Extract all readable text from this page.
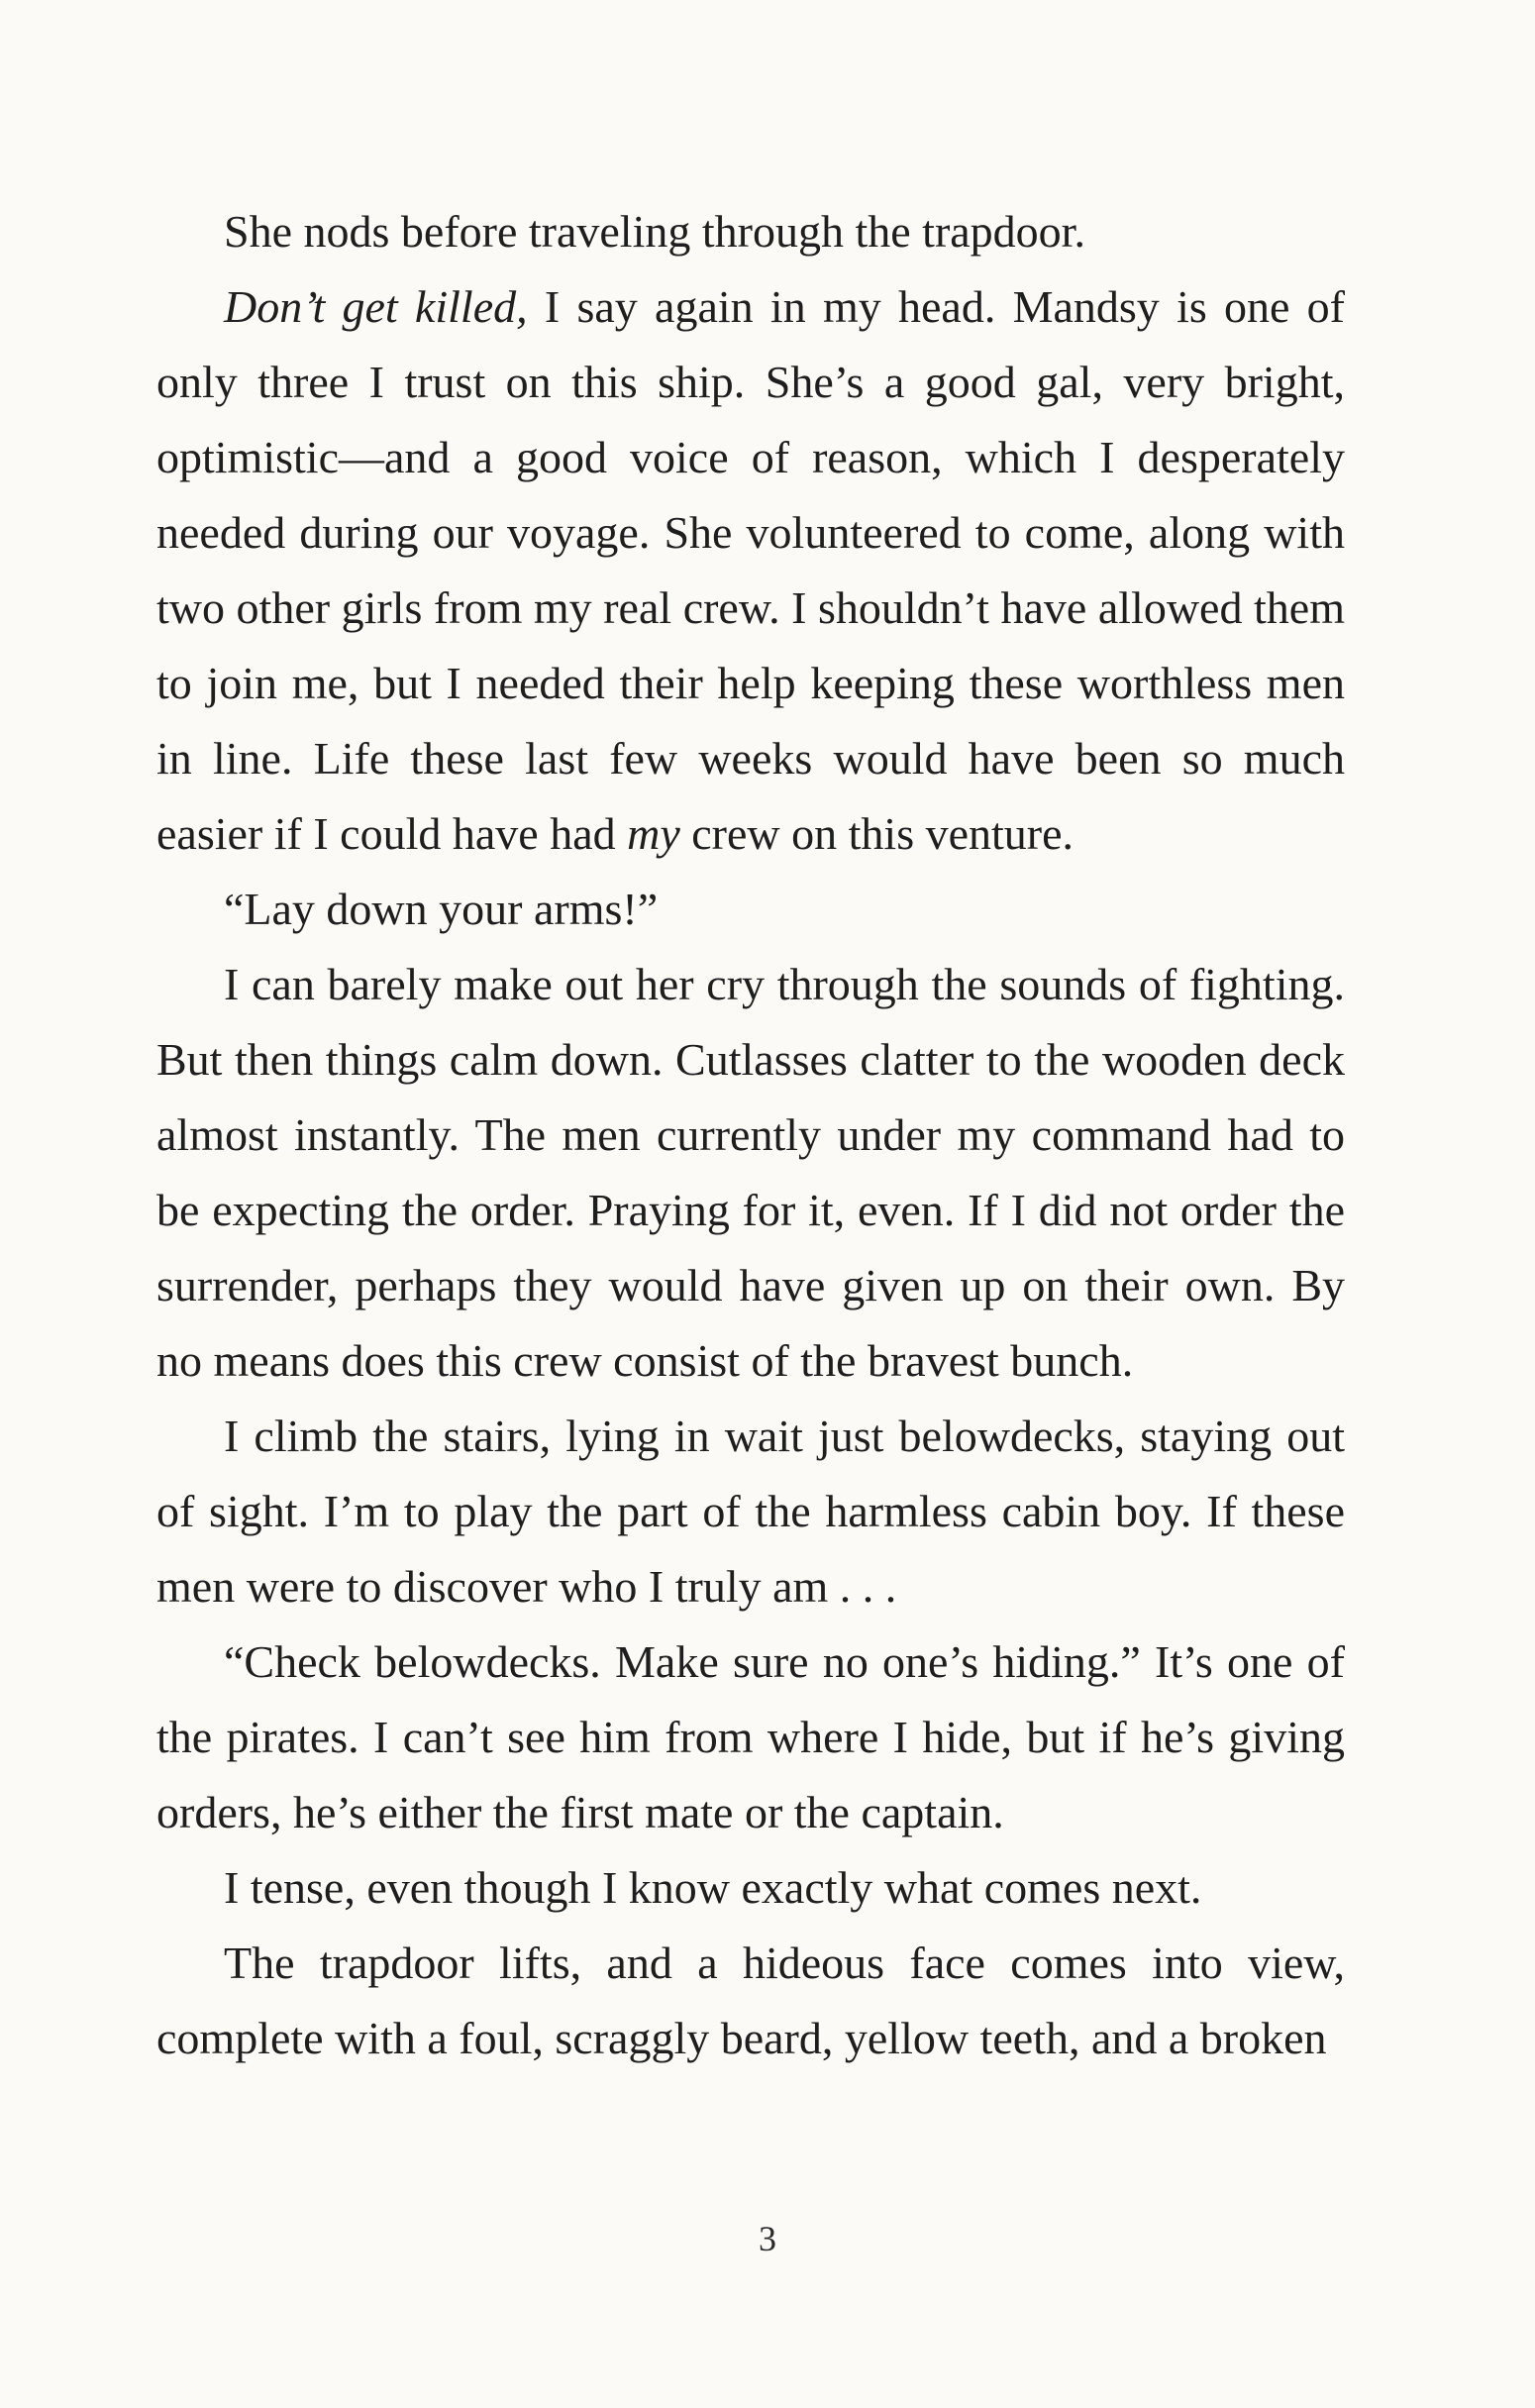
She nods before traveling through the trapdoor.

Don’t get killed, I say again in my head. Mandsy is one of only three I trust on this ship. She’s a good gal, very bright, optimistic—and a good voice of reason, which I desperately needed during our voyage. She volunteered to come, along with two other girls from my real crew. I shouldn’t have allowed them to join me, but I needed their help keeping these worthless men in line. Life these last few weeks would have been so much easier if I could have had my crew on this venture.

“Lay down your arms!”

I can barely make out her cry through the sounds of fighting. But then things calm down. Cutlasses clatter to the wooden deck almost instantly. The men currently under my command had to be expecting the order. Praying for it, even. If I did not order the surrender, perhaps they would have given up on their own. By no means does this crew consist of the bravest bunch.

I climb the stairs, lying in wait just belowdecks, staying out of sight. I’m to play the part of the harmless cabin boy. If these men were to discover who I truly am . . .

“Check belowdecks. Make sure no one’s hiding.” It’s one of the pirates. I can’t see him from where I hide, but if he’s giving orders, he’s either the first mate or the captain.

I tense, even though I know exactly what comes next.

The trapdoor lifts, and a hideous face comes into view, complete with a foul, scraggly beard, yellow teeth, and a broken

3
